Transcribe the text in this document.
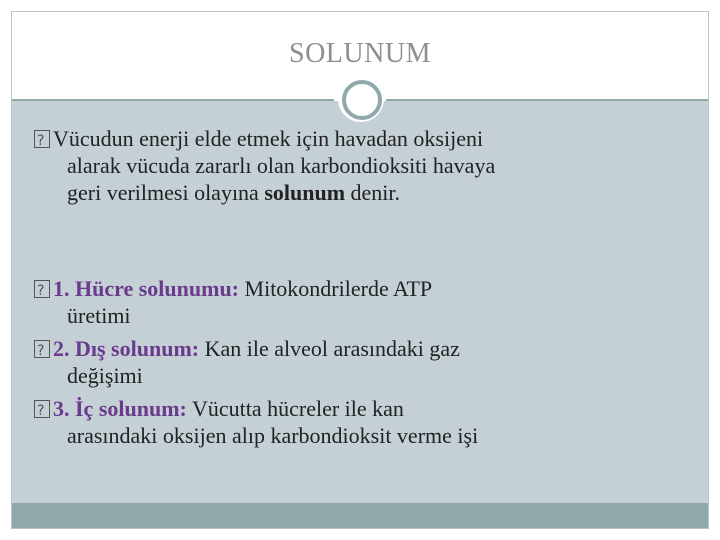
SOLUNUM
?Vücudun enerji elde etmek için havadan oksijeni
alarak vücuda zararlı olan karbondioksiti havaya
geri verilmesi olayına solunum denir.
?1. Hücre solunumu: Mitokondrilerde ATP
üretimi
?2. Dış solunum: Kan ile alveol arasındaki gaz
değişimi
?3. İç solunum: Vücutta hücreler ile kan
arasındaki oksijen alıp karbondioksit verme işi
